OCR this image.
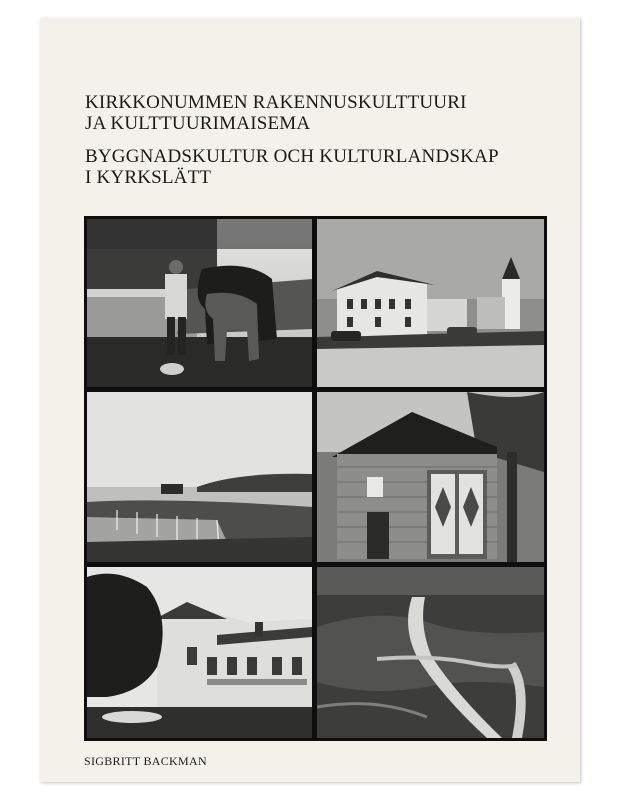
KIRKKONUMMEN RAKENNUSKULTTUURI
JA KULTTUURIMAISEMA
BYGGNADSKULTUR OCH KULTURLANDSKAP
I KYRKSLÄTT
SIGBRITT BACKMAN
